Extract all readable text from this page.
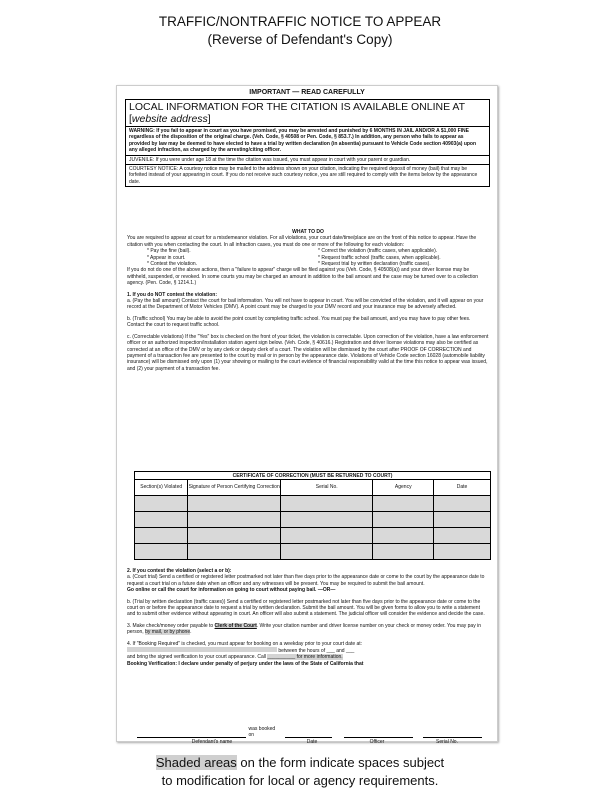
TRAFFIC/NONTRAFFIC NOTICE TO APPEAR
(Reverse of Defendant's Copy)
IMPORTANT — READ CAREFULLY
LOCAL INFORMATION FOR THE CITATION IS AVAILABLE ONLINE AT [website address]
WARNING: If you fail to appear in court as you have promised, you may be arrested and punished by 6 MONTHS IN JAIL AND/OR A $1,000 FINE regardless of the disposition of the original charge. (Veh. Code, § 40508 or Pen. Code, § 853.7.) In addition, any person who fails to appear as provided by law may be deemed to have elected to have a trial by written declaration (in absentia) pursuant to Vehicle Code section 40903(a) upon any alleged infraction, as charged by the arresting/citing officer.
JUVENILE: If you were under age 18 at the time the citation was issued, you must appear in court with your parent or guardian.
COURTESY NOTICE: A courtesy notice may be mailed to the address shown on your citation, indicating the required deposit of money (bail) that may be forfeited instead of your appearing in court. If you do not receive such courtesy notice, you are still required to comply with the items below by the appearance date.

WHAT TO DO

You are required to appear at court for a misdemeanor violation. For all violations, your court date/time/place are on the front of this notice to appear. Have the citation with you when contacting the court. In all infraction cases, you must do one or more of the following for each violation:

* Pay the fine (bail).

* Appear in court.

* Contest the violation.

* Correct the violation (traffic cases, when applicable).

* Request traffic school (traffic cases, when applicable).

* Request trial by written declaration (traffic cases).

If you do not do one of the above actions, then a "failure to appear" charge will be filed against you (Veh. Code, § 40508(a)) and your driver license may be withheld, suspended, or revoked. In some courts you may be charged an amount in addition to the bail amount and the case may be turned over to a collection agency. (Pen. Code, § 1214.1.)

1. If you do NOT contest the violation:

a. (Pay the ball amount) Contact the court for bail information. You will not have to appear in court. You will be convicted of the violation, and it will appear on your record at the Department of Motor Vehicles (DMV). A point count may be charged to your DMV record and your insurance may be adversely affected.

b. (Traffic school) You may be able to avoid the point count by completing traffic school. You must pay the bail amount, and you may have to pay other fees. Contact the court to request traffic school.

c. (Correctable violations) If the "Yes" box is checked on the front of your ticket, the violation is correctable. Upon correction of the violation, have a law enforcement officer or an authorized inspection/installation station agent sign below. (Veh. Code, § 40616.) Registration and driver license violations may also be certified as corrected at an office of the DMV or by any clerk or deputy clerk of a court. The violation will be dismissed by the court after PROOF OF CORRECTION and payment of a transaction fee are presented to the court by mail or in person by the appearance date. Violations of Vehicle Code section 16028 (automobile liability insurance) will be dismissed only upon (1) your showing or mailing to the court evidence of financial responsibility valid at the time this notice to appear was issued, and (2) your payment of a transaction fee.

CERTIFICATE OF CORRECTION (MUST BE RETURNED TO COURT)				
Section(s) Violated	Signature of Person Certifying Correction	Serial No.	Agency	Date

2. If you contest the violation (select a or b):

a. (Court trial) Send a certified or registered letter postmarked not later than five days prior to the appearance date or come to the court by the appearance date to request a court trial on a future date when an officer and any witnesses will be present. You may be required to submit the bail amount.

Go online or call the court for information on going to court without paying bail. —OR—

b. (Trial by written declaration (traffic cases)) Send a certified or registered letter postmarked not later than five days prior to the appearance date or come to the court on or before the appearance date to request a trial by written declaration. Submit the bail amount. You will be given forms to allow you to write a statement and to submit other evidence without appearing in court. An officer will also submit a statement. The judicial officer will consider the evidence and decide the case.

3. Make check/money order payable to Clerk of the Court. Write your citation number and driver license number on your check or money order. You may pay in person, by mail, or by phone.

4. If "Booking Required" is checked, you must appear for booking on a weekday prior to your court date at:  between the hours of ___ and ___

and bring the signed verification to your court appearance. Call __________ for more information.

Booking Verification: I declare under penalty of perjury under the laws of the State of California that

was booked on
Defendant's name	Date	Officer	Serial No.
Shaded areas on the form indicate spaces subject
to modification for local or agency requirements.
